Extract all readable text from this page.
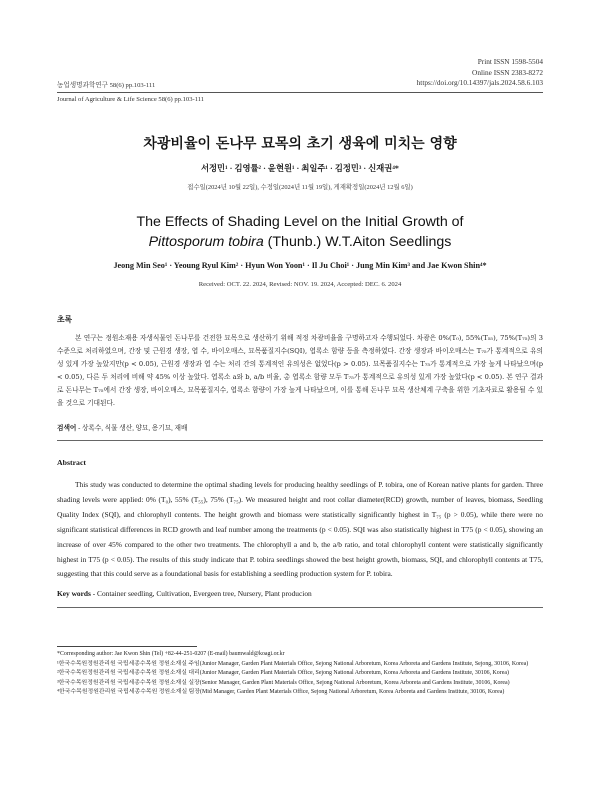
Print ISSN 1598-5504
Online ISSN 2383-8272
https://doi.org/10.14397/jals.2024.58.6.103
농업생명과학연구 58(6) pp.103-111
Journal of Agriculture & Life Science 58(6) pp.103-111
차광비율이 돈나무 묘목의 초기 생육에 미치는 영향
서정민¹ · 김영률² · 윤현원¹ · 최일주¹ · 김정민³ · 신재권⁴*
접수일(2024년 10월 22일), 수정일(2024년 11월 19일), 게재확정일(2024년 12월 6일)
The Effects of Shading Level on the Initial Growth of
Pittosporum tobira (Thunb.) W.T.Aiton Seedlings
Jeong Min Seo¹ · Yeoung Ryul Kim² · Hyun Won Yoon¹ · Il Ju Choi¹ · Jung Min Kim³ and Jae Kwon Shin⁴*
Received: OCT. 22. 2024, Revised: NOV. 19. 2024, Accepted: DEC. 6. 2024
초록
본 연구는 정원소재용 자생식물인 돈나무를 건전한 묘목으로 생산하기 위해 적정 차광비율을 구명하고자 수행되었다. 차광은 0%(T₀), 55%(T₅₅), 75%(T₇₅)의 3수준으로 처리하였으며, 간장 및 근원경 생장, 엽 수, 바이오매스, 묘목품질지수(SQI), 엽록소 함량 등을 측정하였다. 간장 생장과 바이오매스는 T₇₅가 통계적으로 유의성 있게 가장 높았지만(p < 0.05), 근원경 생장과 엽 수는 처리 간의 통계적인 유의성은 없었다(p > 0.05). 묘목품질지수는 T₇₅가 통계적으로 가장 높게 나타났으며(p < 0.05), 다른 두 처리에 비해 약 45% 이상 높았다. 엽록소 a와 b, a/b 비율, 총 엽록소 함량 모두 T₇₅가 통계적으로 유의성 있게 가장 높았다(p < 0.05). 본 연구 결과로 돈나무는 T₇₅에서 간장 생장, 바이오매스, 묘목품질지수, 엽록소 함량이 가장 높게 나타났으며, 이를 통해 돈나무 묘목 생산체계 구축을 위한 기초자료로 활용될 수 있을 것으로 기대된다.
검색어 - 상록수, 식물 생산, 양묘, 용기묘, 재배
Abstract
This study was conducted to determine the optimal shading levels for producing healthy seedlings of P. tobira, one of Korean native plants for garden. Three shading levels were applied: 0% (T₀), 55% (T₅₅), 75% (T₇₅). We measured height and root collar diameter(RCD) growth, number of leaves, biomass, Seedling Quality Index (SQI), and chlorophyll contents. The height growth and biomass were statistically significantly highest in T₇₅ (p > 0.05), while there were no significant statistical differences in RCD growth and leaf number among the treatments (p < 0.05). SQI was also statistically highest in T75 (p < 0.05), showing an increase of over 45% compared to the other two treatments. The chlorophyll a and b, the a/b ratio, and total chlorophyll content were statistically significantly highest in T75 (p < 0.05). The results of this study indicate that P. tobira seedlings showed the best height growth, biomass, SQI, and chlorophyll contents at T75, suggesting that this could serve as a foundational basis for establishing a seedling production system for P. tobira.
Key words - Container seedling, Cultivation, Evergeen tree, Nursery, Plant producion
*Corresponding author: Jae Kwon Shin (Tel) +82-44-251-0207 (E-mail) baumwald@koagi.or.kr
¹한국수목원정원관리원 국립세종수목원 정원소재실 주임(Junior Manager, Garden Plant Materials Office, Sejong National Arboretum, Korea Arboreta and Gardens Institute, Sejong, 30106, Korea)
²한국수목원정원관리원 국립세종수목원 정원소재실 대리(Junior Manager, Garden Plant Materials Office, Sejong National Arboretum, Korea Arboreta and Gardens Institute, 30106, Korea)
³한국수목원정원관리원 국립세종수목원 정원소재실 실장(Senior Manager, Garden Plant Materials Office, Sejong National Arboretum, Korea Arboreta and Gardens Institute, 30106, Korea)
⁴한국수목원정원관리원 국립세종수목원 정원소재실 팀장(Mid Manager, Garden Plant Materials Office, Sejong National Arboretum, Korea Arboreta and Gardens Institute, 30106, Korea)
